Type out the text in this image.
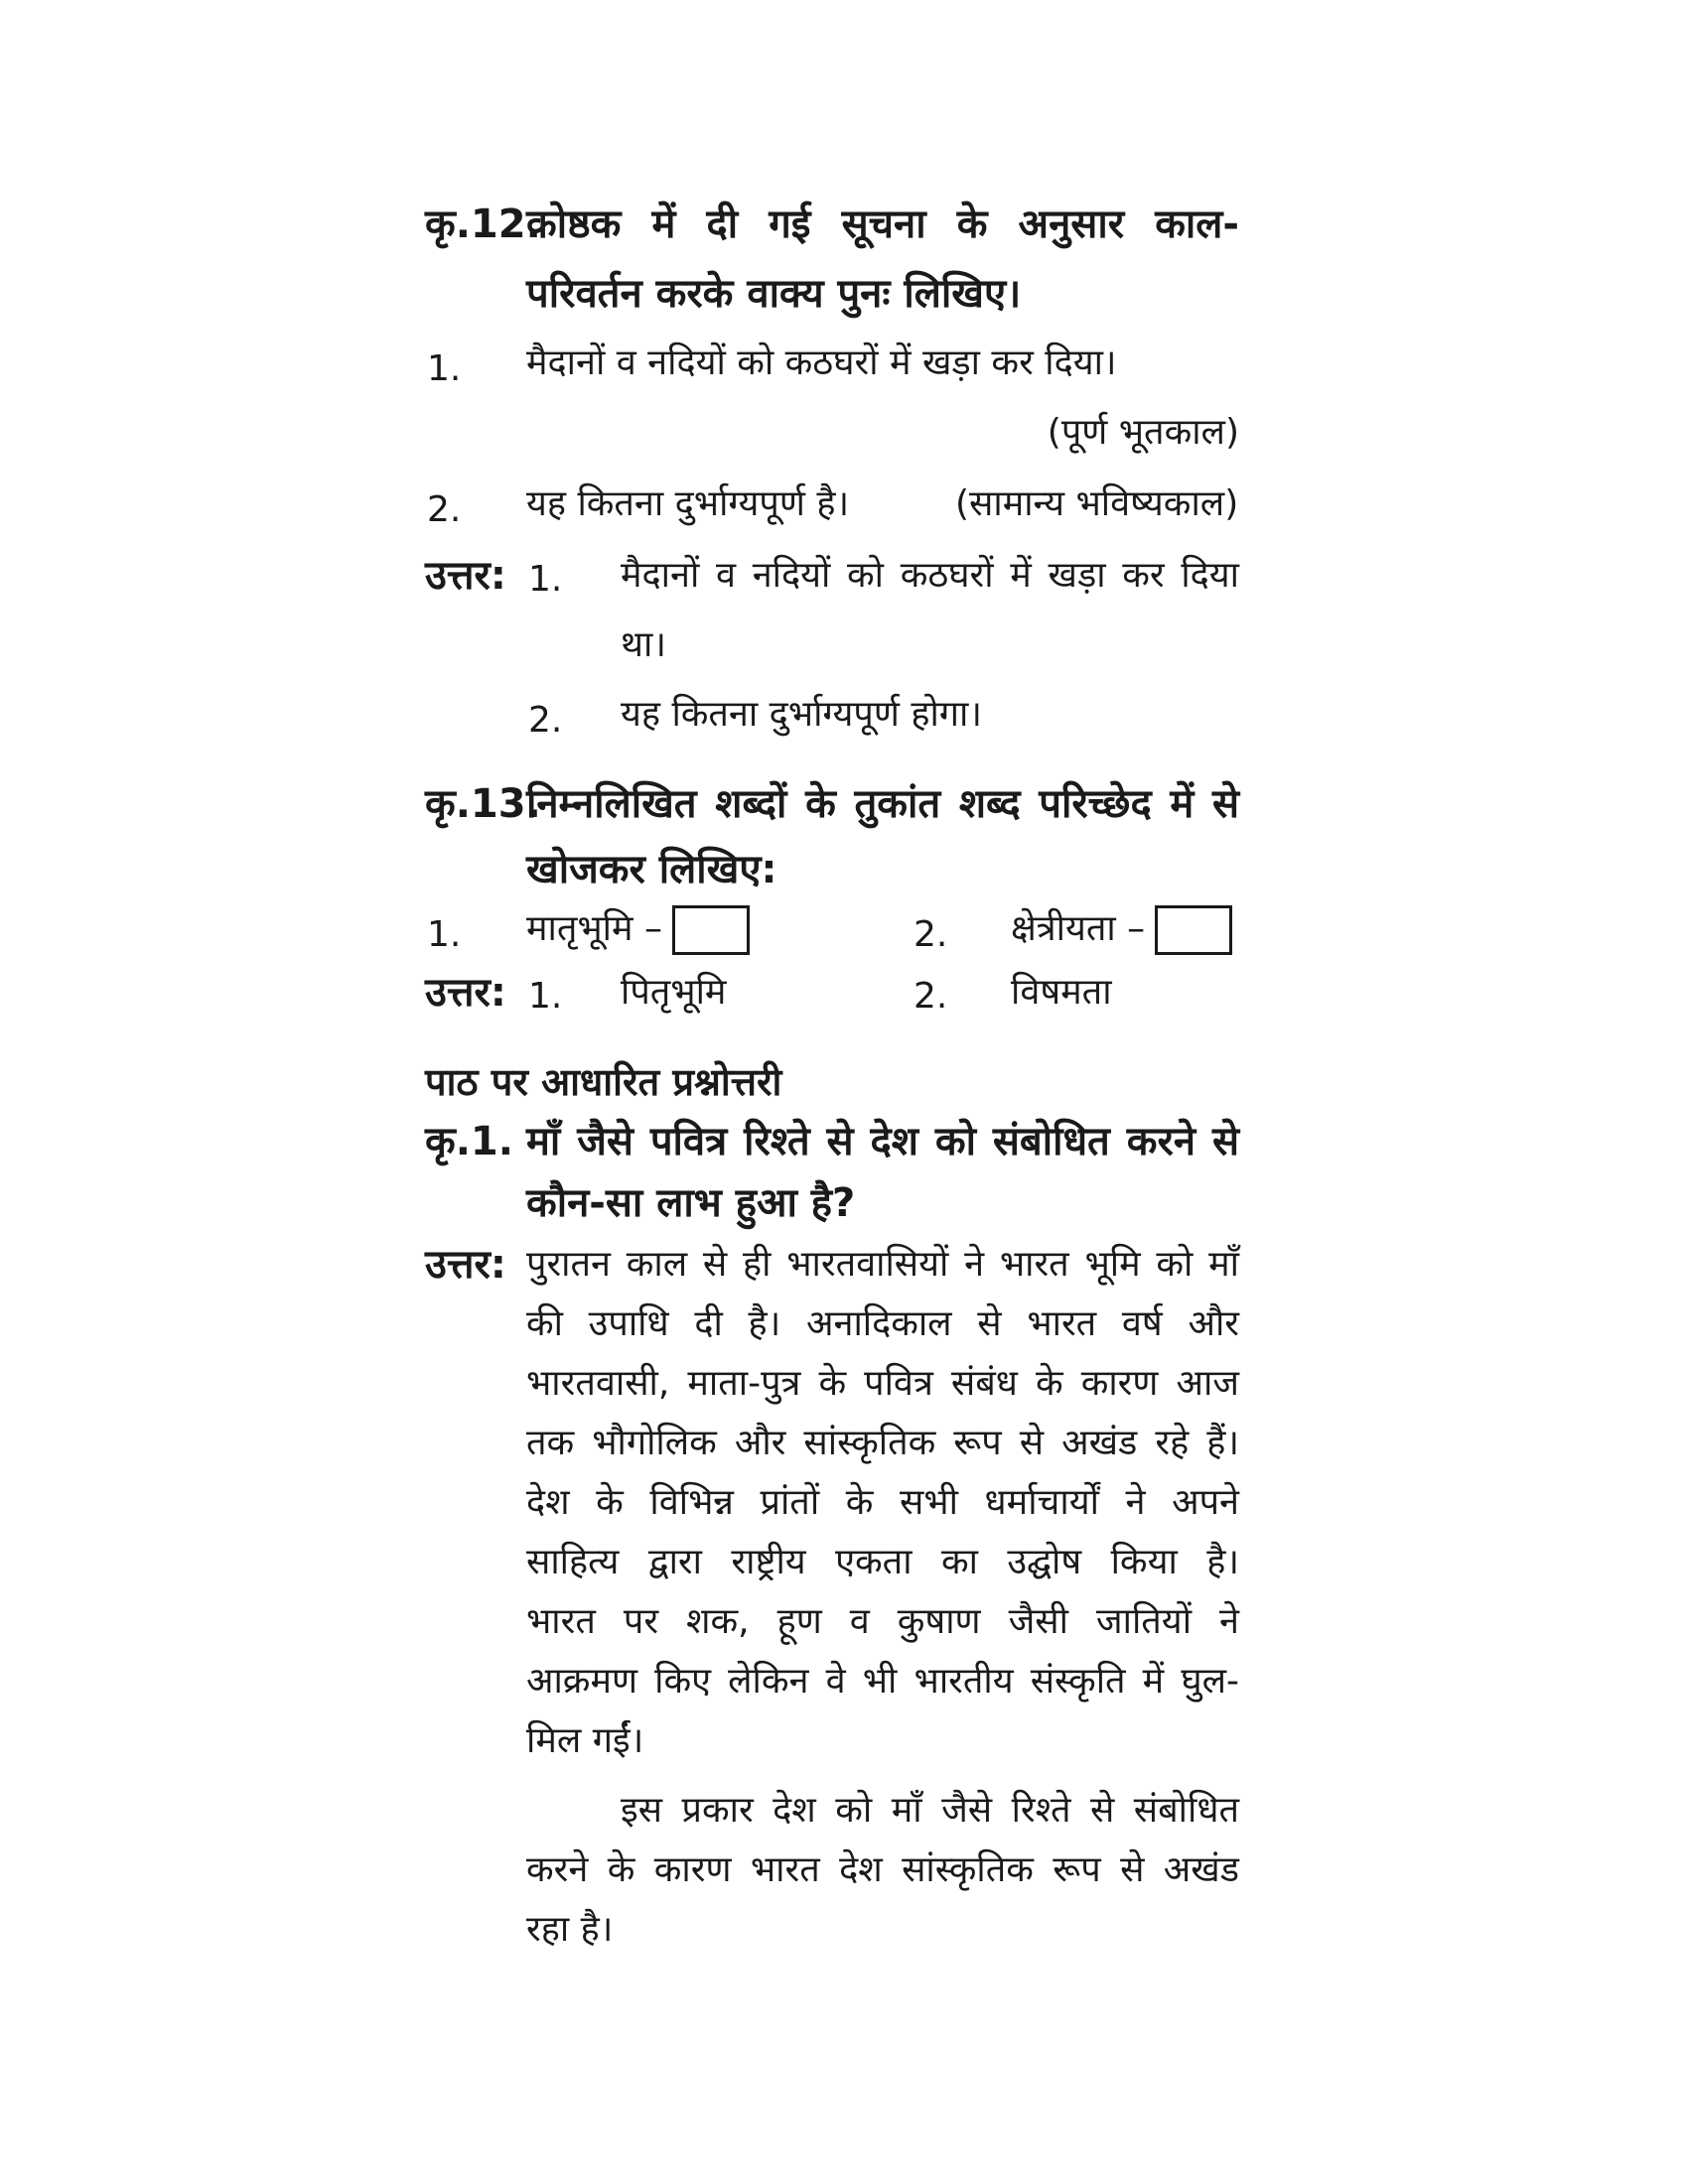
कृ.12.
कोष्ठक में दी गई सूचना के अनुसार काल-
परिवर्तन करके वाक्य पुनः लिखिए।
1. मैदानों व नदियों को कठघरों में खड़ा कर दिया।
(पूर्ण भूतकाल)
2. यह कितना दुर्भाग्यपूर्ण है।	(सामान्य भविष्यकाल)
उत्तर: 1. मैदानों व नदियों को कठघरों में खड़ा कर दिया
था।
2. यह कितना दुर्भाग्यपूर्ण होगा।
कृ.13.
निम्नलिखित शब्दों के तुकांत शब्द परिच्छेद में से
खोजकर लिखिए:
1. मातृभूमि –	2. क्षेत्रीयता –
उत्तर: 1. पितृभूमि	2. विषमता
पाठ पर आधारित प्रश्नोत्तरी
कृ.1. माँ जैसे पवित्र रिश्ते से देश को संबोधित करने से
कौन-सा लाभ हुआ है?
उत्तर: पुरातन काल से ही भारतवासियों ने भारत भूमि को माँ
की उपाधि दी है। अनादिकाल से भारत वर्ष और
भारतवासी, माता-पुत्र के पवित्र संबंध के कारण आज
तक भौगोलिक और सांस्कृतिक रूप से अखंड रहे हैं।
देश के विभिन्न प्रांतों के सभी धर्माचार्यों ने अपने
साहित्य द्वारा राष्ट्रीय एकता का उद्घोष किया है।
भारत पर शक, हूण व कुषाण जैसी जातियों ने
आक्रमण किए लेकिन वे भी भारतीय संस्कृति में घुल-
मिल गईं।
इस प्रकार देश को माँ जैसे रिश्ते से संबोधित
करने के कारण भारत देश सांस्कृतिक रूप से अखंड
रहा है।
